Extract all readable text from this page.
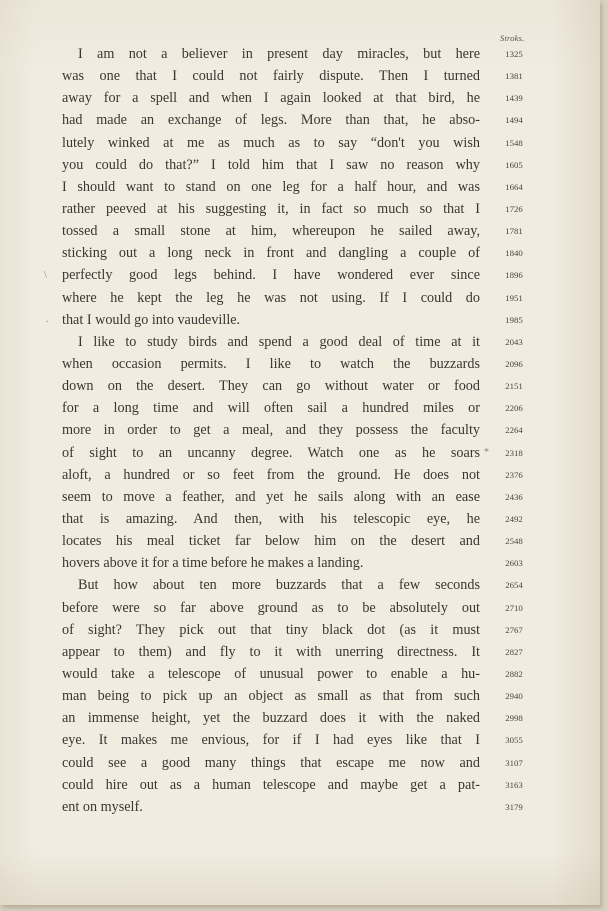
Stroks.
I am not a believer in present day miracles, but here
was one that I could not fairly dispute. Then I turned
away for a spell and when I again looked at that bird, he
had made an exchange of legs. More than that, he abso-
lutely winked at me as much as to say “don't you wish
you could do that?” I told him that I saw no reason why
I should want to stand on one leg for a half hour, and was
rather peeved at his suggesting it, in fact so much so that I
tossed a small stone at him, whereupon he sailed away,
sticking out a long neck in front and dangling a couple of
perfectly good legs behind. I have wondered ever since
where he kept the leg he was not using. If I could do
that I would go into vaudeville.
I like to study birds and spend a good deal of time at it
when occasion permits. I like to watch the buzzards
down on the desert. They can go without water or food
for a long time and will often sail a hundred miles or
more in order to get a meal, and they possess the faculty
of sight to an uncanny degree. Watch one as he soars
aloft, a hundred or so feet from the ground. He does not
seem to move a feather, and yet he sails along with an ease
that is amazing. And then, with his telescopic eye, he
locates his meal ticket far below him on the desert and
hovers above it for a time before he makes a landing.
But how about ten more buzzards that a few seconds
before were so far above ground as to be absolutely out
of sight? They pick out that tiny black dot (as it must
appear to them) and fly to it with unerring directness. It
would take a telescope of unusual power to enable a hu-
man being to pick up an object as small as that from such
an immense height, yet the buzzard does it with the naked
eye. It makes me envious, for if I had eyes like that I
could see a good many things that escape me now and
could hire out as a human telescope and maybe get a pat-
ent on myself.
1325
1381
1439
1494
1548
1605
1664
1726
1781
1840
1896
1951
1985
2043
2096
2151
2206
2264
2318
2376
2436
2492
2548
2603
2654
2710
2767
2827
2882
2940
2998
3055
3107
3163
3179
\
.
*
